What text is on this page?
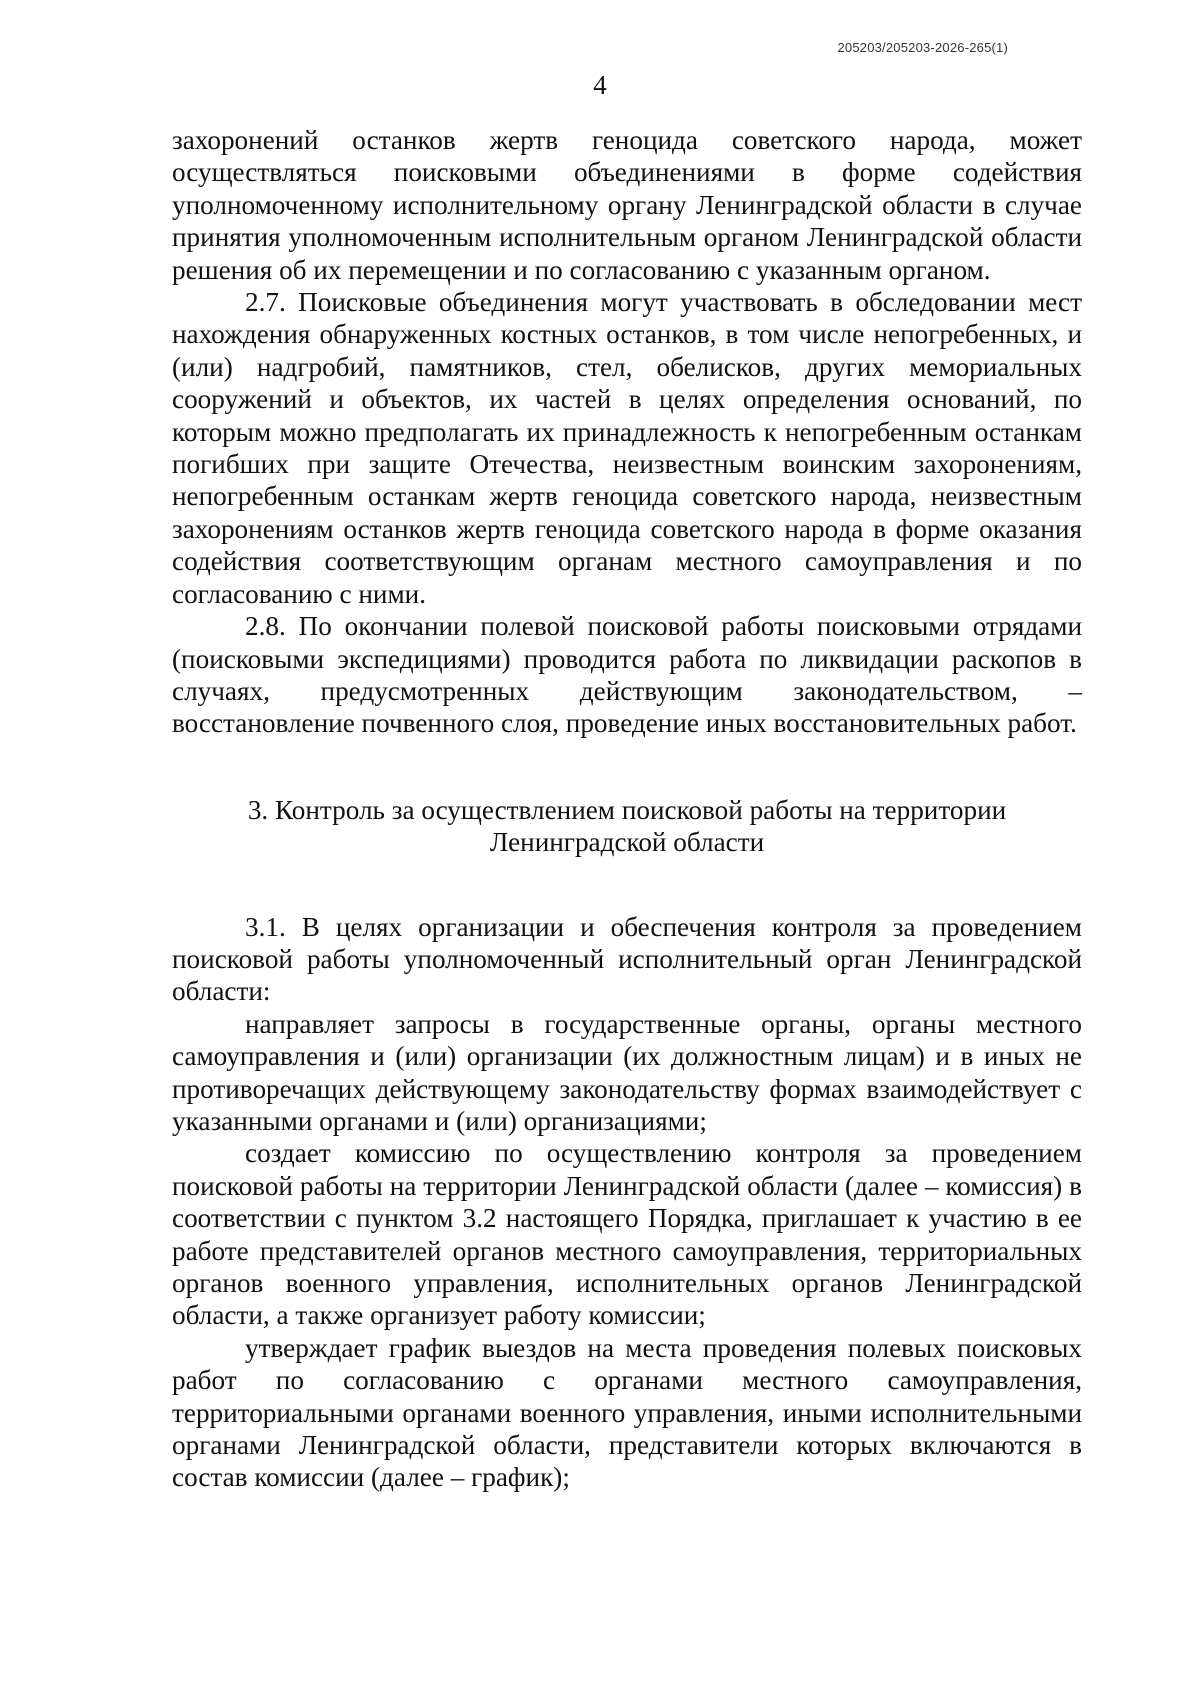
205203/205203-2026-265(1)
4

захоронений останков жертв геноцида советского народа, может осуществляться поисковыми объединениями в форме содействия уполномоченному исполнительному органу Ленинградской области в случае принятия уполномоченным исполнительным органом Ленинградской области решения об их перемещении и по согласованию с указанным органом.

2.7. Поисковые объединения могут участвовать в обследовании мест нахождения обнаруженных костных останков, в том числе непогребенных, и (или) надгробий, памятников, стел, обелисков, других мемориальных сооружений и объектов, их частей в целях определения оснований, по которым можно предполагать их принадлежность к непогребенным останкам погибших при защите Отечества, неизвестным воинским захоронениям, непогребенным останкам жертв геноцида советского народа, неизвестным захоронениям останков жертв геноцида советского народа в форме оказания содействия соответствующим органам местного самоуправления и по согласованию с ними.

2.8. По окончании полевой поисковой работы поисковыми отрядами (поисковыми экспедициями) проводится работа по ликвидации раскопов в случаях, предусмотренных действующим законодательством, – восстановление почвенного слоя, проведение иных восстановительных работ.

3. Контроль за осуществлением поисковой работы на территории
Ленинградской области

3.1. В целях организации и обеспечения контроля за проведением поисковой работы уполномоченный исполнительный орган Ленинградской области:

направляет запросы в государственные органы, органы местного самоуправления и (или) организации (их должностным лицам) и в иных не противоречащих действующему законодательству формах взаимодействует с указанными органами и (или) организациями;

создает комиссию по осуществлению контроля за проведением поисковой работы на территории Ленинградской области (далее – комиссия) в соответствии с пунктом 3.2 настоящего Порядка, приглашает к участию в ее работе представителей органов местного самоуправления, территориальных органов военного управления, исполнительных органов Ленинградской области, а также организует работу комиссии;

утверждает график выездов на места проведения полевых поисковых работ по согласованию с органами местного самоуправления, территориальными органами военного управления, иными исполнительными органами Ленинградской области, представители которых включаются в состав комиссии (далее – график);
